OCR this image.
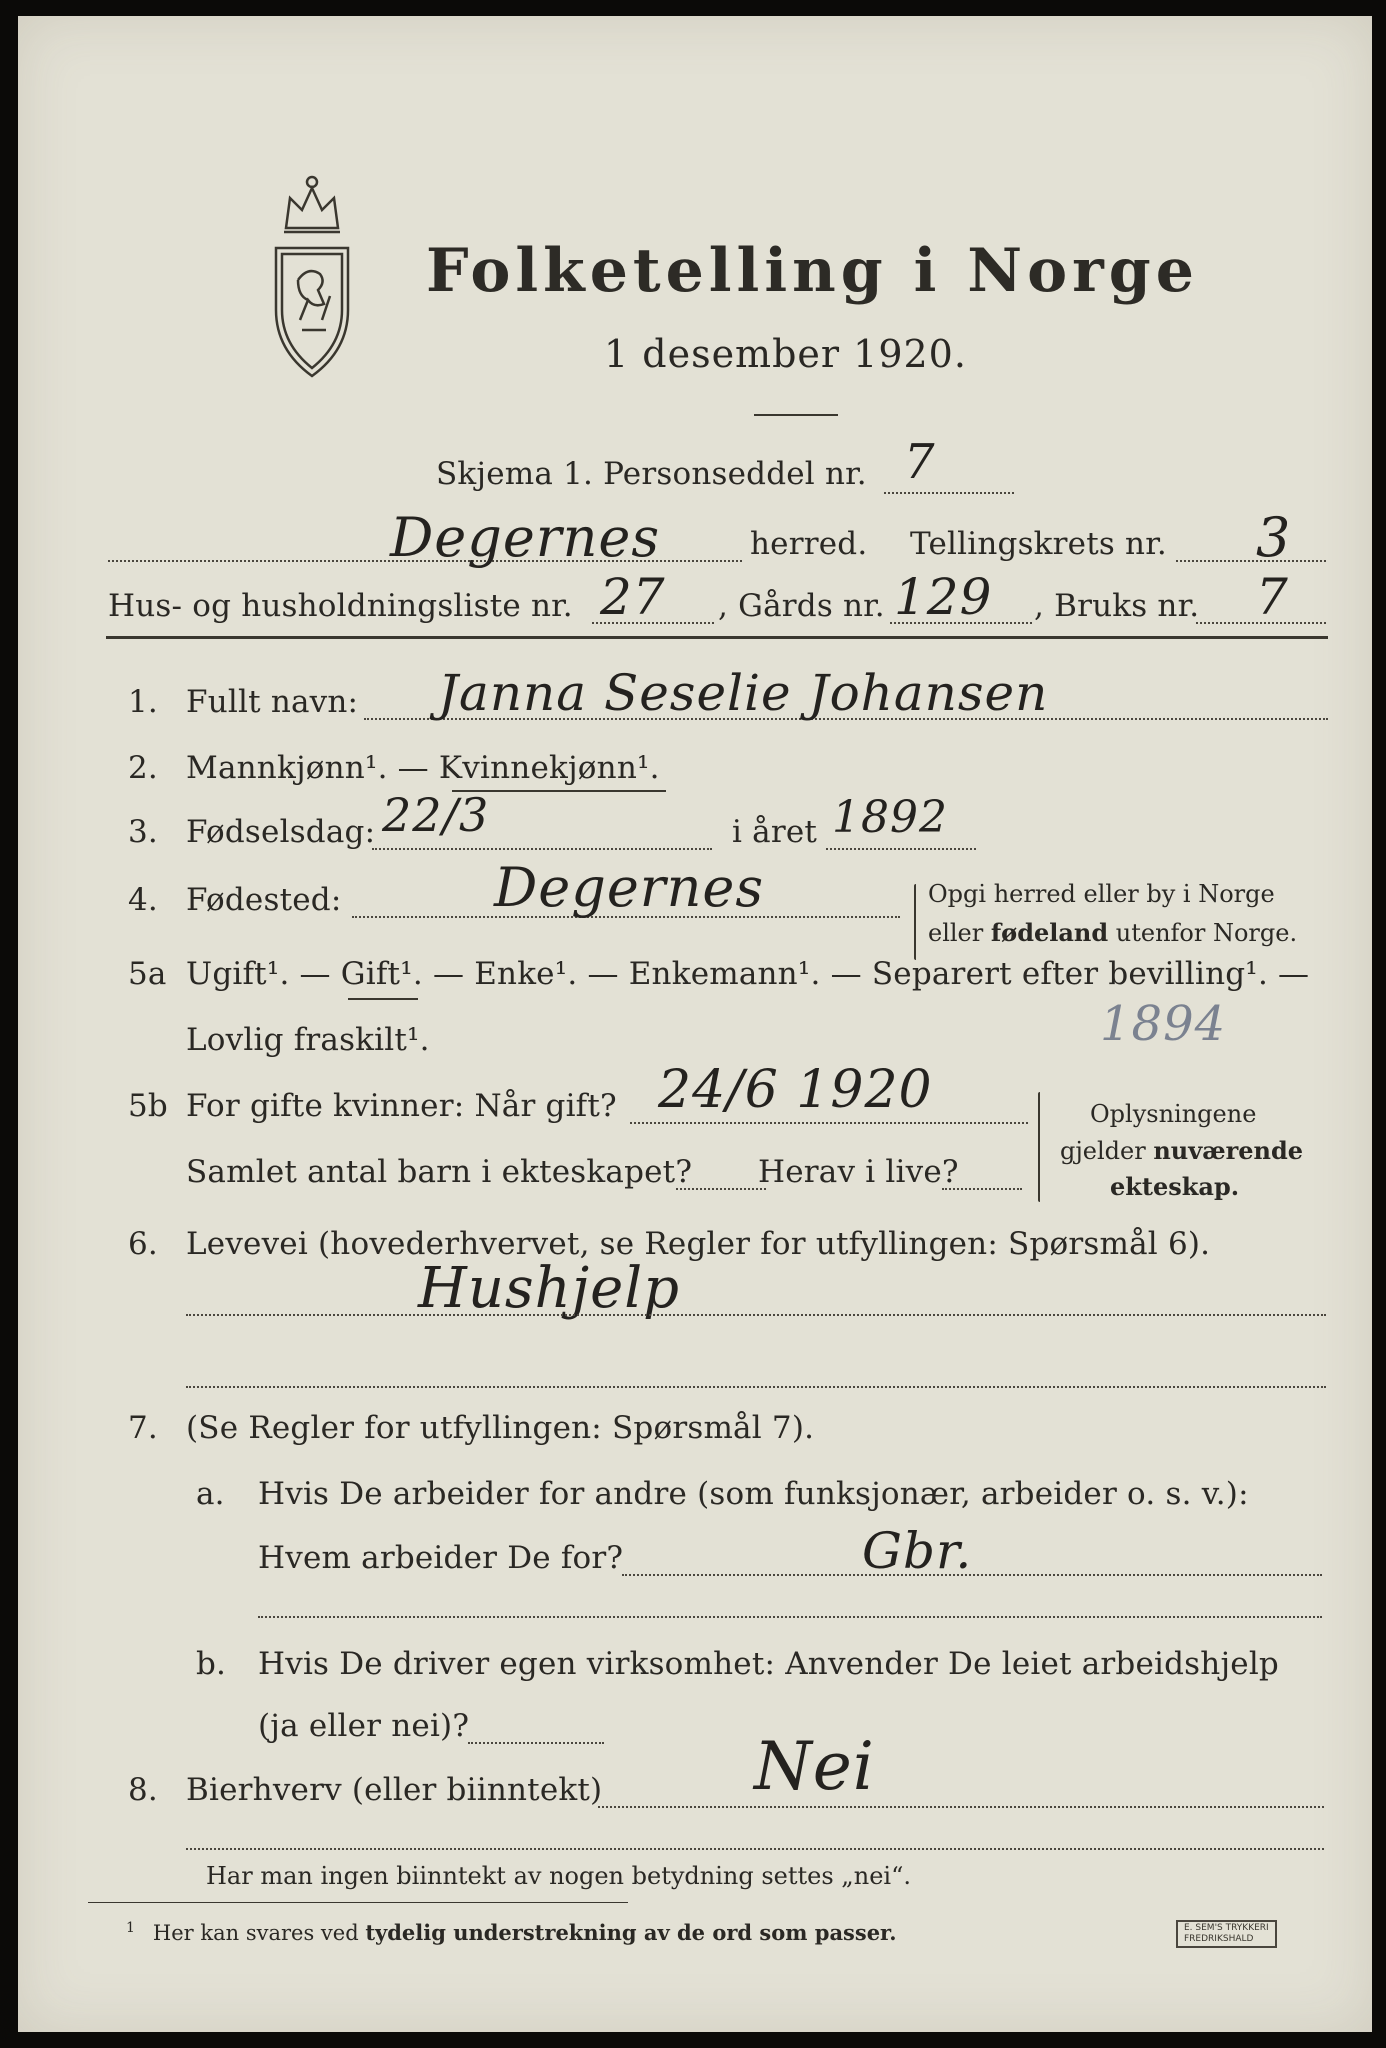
Folketelling i Norge
1 desember 1920.
Skjema 1. Personseddel nr. 7
Degernes	herred. Tellingskrets nr. 3
Hus- og husholdningsliste nr. 27 , Gårds nr. 129 , Bruks nr. 7
1. Fullt navn: Janna Seselie Johansen
2. Mannkjønn¹. — Kvinnekjønn¹.
3. Fødselsdag: 22/3	i året 1892
4. Fødested:	Degernes	Opgi herred eller by i Norge
eller fødeland utenfor Norge.
5a Ugift¹. — Gift¹. — Enke¹. — Enkemann¹. — Separert efter bevilling¹. —
Lovlig fraskilt¹.	1894
5b For gifte kvinner: Når gift? 24/6 1920
Samlet antal barn i ekteskapet? Herav i live?
Oplysningene
gjelder nuværende
ekteskap.
6. Levevei (hovederhvervet, se Regler for utfyllingen: Spørsmål 6).
Hushjelp
7. (Se Regler for utfyllingen: Spørsmål 7).
a. Hvis De arbeider for andre (som funksjonær, arbeider o. s. v.):
Hvem arbeider De for?	Gbr.
b. Hvis De driver egen virksomhet: Anvender De leiet arbeidshjelp
(ja eller nei)?
8. Bierhverv (eller biinntekt) Nei
Har man ingen biinntekt av nogen betydning settes „nei“.
$^1$ Her kan svares ved tydelig understrekning av de ord som passer.	E. SEM'S TRYKKERI
FREDRIKSHALD
